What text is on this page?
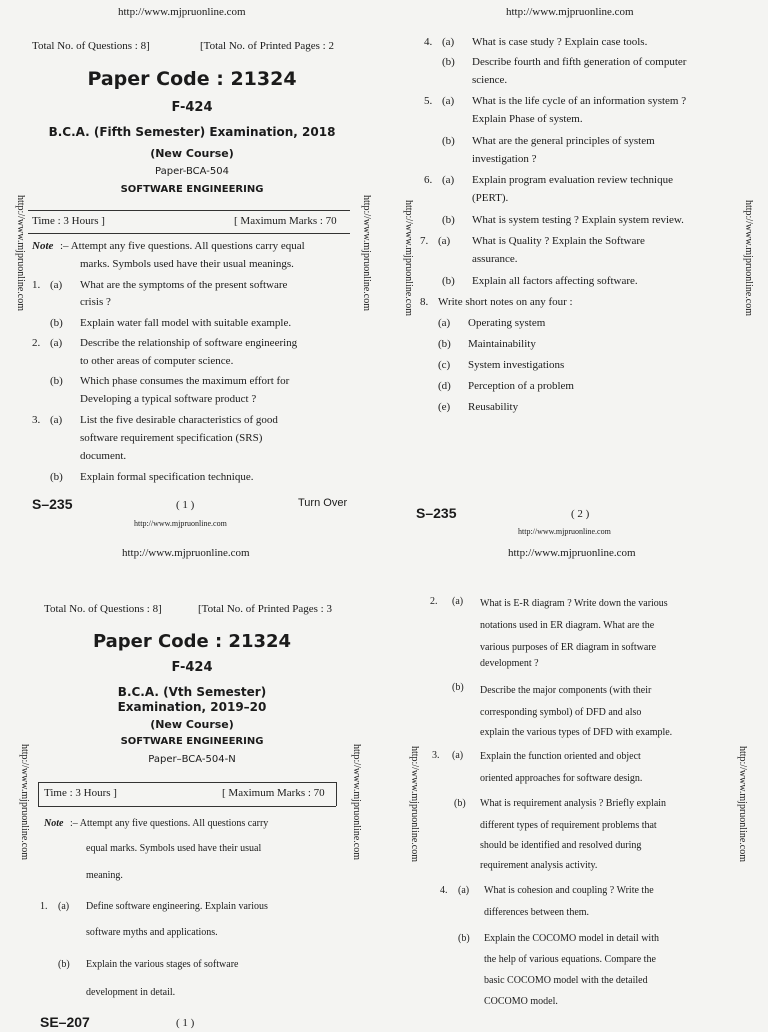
http://www.mjpruonline.com
Total No. of Questions : 8]	[Total No. of Printed Pages : 2
Paper Code : 21324
F-424
B.C.A. (Fifth Semester) Examination, 2018
(New Course)
Paper-BCA-504
SOFTWARE ENGINEERING
http://www.mjpruonline.com	http://www.mjpruonline.com
Time : 3 Hours ]	[ Maximum Marks : 70
Note :– Attempt any five questions. All questions carry equal
marks. Symbols used have their usual meanings.
1. (a) What are the symptoms of the present software
crisis ?
(b) Explain water fall model with suitable example.
2. (a) Describe the relationship of software engineering
to other areas of computer science.
(b) Which phase consumes the maximum effort for
Developing a typical software product ?
3. (a) List the five desirable characteristics of good
software requirement specification (SRS)
document.
(b) Explain formal specification technique.
S–235	( 1 )	Turn Over
http://www.mjpruonline.com
http://www.mjpruonline.com
http://www.mjpruonline.com	http://www.mjpruonline.com
4. (a) What is case study ? Explain case tools.
(b) Describe fourth and fifth generation of computer
science.
5. (a) What is the life cycle of an information system ?
Explain Phase of system.
(b) What are the general principles of system
investigation ?
6. (a) Explain program evaluation review technique
(PERT).
(b) What is system testing ? Explain system review.
7. (a) What is Quality ? Explain the Software
assurance.
(b) Explain all factors affecting software.
8. Write short notes on any four :
(a) Operating system
(b) Maintainability
(c) System investigations
(d) Perception of a problem
(e) Reusability
S–235	( 2 )
http://www.mjpruonline.com
http://www.mjpruonline.com
Total No. of Questions : 8]	[Total No. of Printed Pages : 3
Paper Code : 21324
F-424
B.C.A. (Vth Semester)
Examination, 2019–20
(New Course)
SOFTWARE ENGINEERING
Paper–BCA-504-N
http://www.mjpruonline.com	http://www.mjpruonline.com
Time : 3 Hours ]	[ Maximum Marks : 70
Note :– Attempt any five questions. All questions carry
equal marks. Symbols used have their usual
meaning.
1. (a) Define software engineering. Explain various
software myths and applications.
(b) Explain the various stages of software
development in detail.
SE–207	( 1 )
http://www.mjpruonline.com
http://www.mjpruonline.com	http://www.mjpruonline.com
2. (a) What is E-R diagram ? Write down the various
notations used in ER diagram. What are the
various purposes of ER diagram in software
development ?
(b) Describe the major components (with their
corresponding symbol) of DFD and also
explain the various types of DFD with example.
3. (a) Explain the function oriented and object
oriented approaches for software design.
(b) What is requirement analysis ? Briefly explain
different types of requirement problems that
should be identified and resolved during
requirement analysis activity.
4. (a) What is cohesion and coupling ? Write the
differences between them.
(b) Explain the COCOMO model in detail with
the help of various equations. Compare the
basic COCOMO model with the detailed
COCOMO model.
